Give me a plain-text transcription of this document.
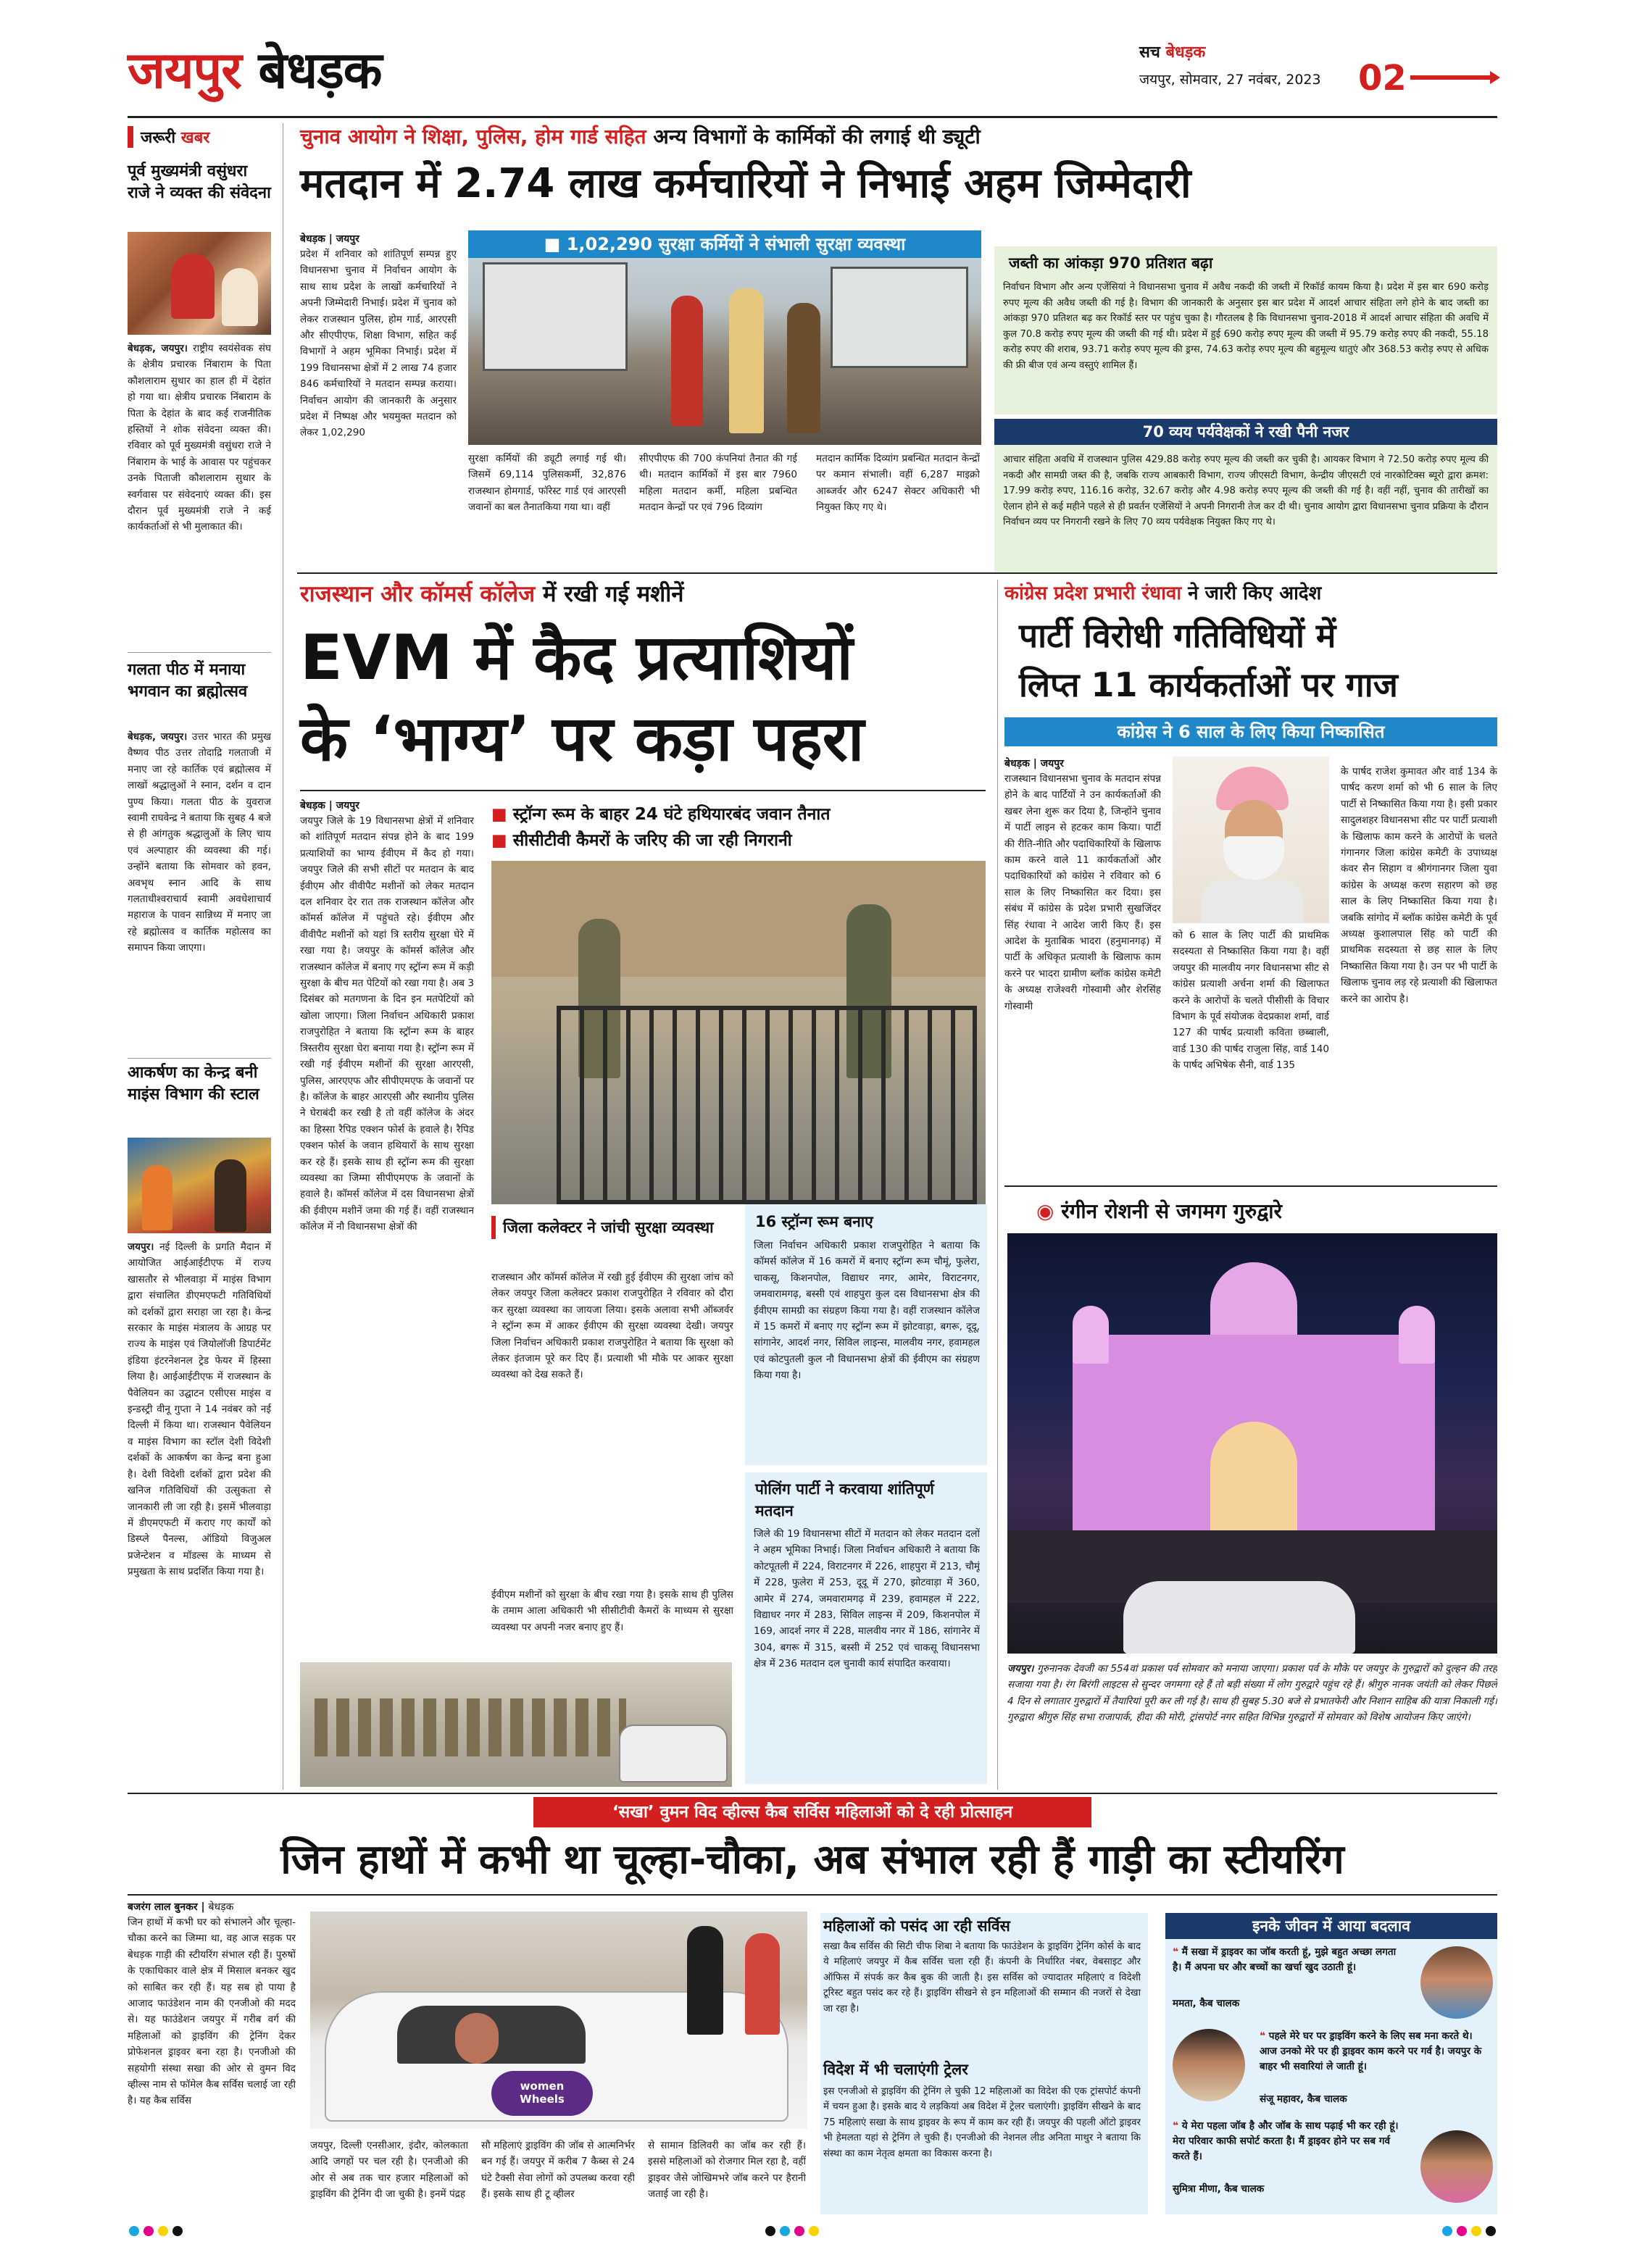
जयपुर बेधड़क	सच बेधड़क
जयपुर, सोमवार, 27 नवंबर, 2023 02
जरूरी खबर
पूर्व मुख्यमंत्री वसुंधरा राजे ने व्यक्त की संवेदना
बेधड़क, जयपुर। राष्ट्रीय स्वयंसेवक संघ के क्षेत्रीय प्रचारक निंबाराम के पिता कौशलाराम सुथार का हाल ही में देहांत हो गया था। क्षेत्रीय प्रचारक निंबाराम के पिता के देहांत के बाद कई राजनीतिक हस्तियों ने शोक संवेदना व्यक्त की। रविवार को पूर्व मुख्यमंत्री वसुंधरा राजे ने निंबाराम के भाई के आवास पर पहुंचकर उनके पिताजी कौशलाराम सुथार के स्वर्गवास पर संवेदनाएं व्यक्त कीं। इस दौरान पूर्व मुख्यमंत्री राजे ने कई कार्यकर्ताओं से भी मुलाकात की।
गलता पीठ में मनाया भगवान का ब्रह्मोत्सव
बेधड़क, जयपुर। उत्तर भारत की प्रमुख वैष्णव पीठ उत्तर तोदाद्रि गलताजी में मनाए जा रहे कार्तिक एवं ब्रह्मोत्सव में लाखों श्रद्धालुओं ने स्नान, दर्शन व दान पुण्य किया। गलता पीठ के युवराज स्वामी राघवेन्द्र ने बताया कि सुबह 4 बजे से ही आंगतुक श्रद्धालुओं के लिए चाय एवं अल्पाहार की व्यवस्था की गई। उन्होंने बताया कि सोमवार को हवन, अवभृथ स्नान आदि के साथ गलताधीश्वराचार्य स्वामी अवधेशाचार्य महाराज के पावन सान्निध्य में मनाए जा रहे ब्रह्मोत्सव व कार्तिक महोत्सव का समापन किया जाएगा।
आकर्षण का केन्द्र बनी माइंस विभाग की स्टाल
जयपुर। नई दिल्ली के प्रगति मैदान में आयोजित आईआईटीएफ में राज्य खासतौर से भीलवाड़ा में माइंस विभाग द्वारा संचालित डीएमएफटी गतिविधियों को दर्शकों द्वारा सराहा जा रहा है। केन्द्र सरकार के माइंस मंत्रालय के आग्रह पर राज्य के माइंस एवं जियोलॉजी डिपार्टमेंट इंडिया इंटरनेशनल ट्रेड फेयर में हिस्सा लिया है। आईआईटीएफ में राजस्थान के पैवेलियन का उद्घाटन एसीएस माइंस व इन्डस्ट्री वीनू गुप्ता ने 14 नवंबर को नई दिल्ली में किया था। राजस्थान पैवेलियन व माइंस विभाग का स्टॉल देशी विदेशी दर्शकों के आकर्षण का केन्द्र बना हुआ है। देशी विदेशी दर्शकों द्वारा प्रदेश की खनिज गतिविधियों की उत्सुकता से जानकारी ली जा रही है। इसमें भीलवाड़ा में डीएमएफटी में कराए गए कार्यों को डिस्प्ले पैनल्स, ऑडियो विजुअल प्रजेन्टेशन व मॉडल्स के माध्यम से प्रमुखता के साथ प्रदर्शित किया गया है।
चुनाव आयोग ने शिक्षा, पुलिस, होम गार्ड सहित अन्य विभागों के कार्मिकों की लगाई थी ड्यूटी
मतदान में 2.74 लाख कर्मचारियों ने निभाई अहम जिम्मेदारी
बेधड़क | जयपुर
प्रदेश में शनिवार को शांतिपूर्ण सम्पन्न हुए विधानसभा चुनाव में निर्वाचन आयोग के साथ साथ प्रदेश के लाखों कर्मचारियों ने अपनी जिम्मेदारी निभाई। प्रदेश में चुनाव को लेकर राजस्थान पुलिस, होम गार्ड, आरएसी और सीएपीएफ, शिक्षा विभाग, सहित कई विभागों ने अहम भूमिका निभाई। प्रदेश में 199 विधानसभा क्षेत्रों में 2 लाख 74 हजार 846 कर्मचारियों ने मतदान सम्पन्न कराया। निर्वाचन आयोग की जानकारी के अनुसार प्रदेश में निष्पक्ष और भयमुक्त मतदान को लेकर 1,02,290
■ 1,02,290 सुरक्षा कर्मियों ने संभाली सुरक्षा व्यवस्था
सुरक्षा कर्मियों की ड्यूटी लगाई गई थी। जिसमें 69,114 पुलिसकर्मी, 32,876 राजस्थान होमगार्ड, फॉरेस्ट गार्ड एवं आरएसी जवानों का बल तैनातकिया गया था। वहीं
सीएपीएफ की 700 कंपनियां तैनात की गई थी। मतदान कार्मिकों में इस बार 7960 महिला मतदान कर्मी, महिला प्रबन्धित मतदान केन्द्रों पर एवं 796 दिव्यांग
मतदान कार्मिक दिव्यांग प्रबन्धित मतदान केन्द्रों पर कमान संभाली। वहीं 6,287 माइक्रो आब्जर्वर और 6247 सेक्टर अधिकारी भी नियुक्त किए गए थे।
जब्ती का आंकड़ा 970 प्रतिशत बढ़ा
निर्वाचन विभाग और अन्य एजेंसियां ने विधानसभा चुनाव में अवैध नकदी की जब्ती में रिकॉर्ड कायम किया है। प्रदेश में इस बार 690 करोड़ रुपए मूल्य की अवैध जब्ती की गई है। विभाग की जानकारी के अनुसार इस बार प्रदेश में आदर्श आचार संहिता लगे होने के बाद जब्ती का आंकड़ा 970 प्रतिशत बढ़ कर रिकॉर्ड स्तर पर पहुंच चुका है। गौरतलब है कि विधानसभा चुनाव-2018 में आदर्श आचार संहिता की अवधि में कुल 70.8 करोड़ रुपए मूल्य की जब्ती की गई थी। प्रदेश में हुई 690 करोड़ रुपए मूल्य की जब्ती में 95.79 करोड़ रुपए की नकदी, 55.18 करोड़ रुपए की शराब, 93.71 करोड़ रुपए मूल्य की ड्रग्स, 74.63 करोड़ रुपए मूल्य की बहुमूल्य धातुएं और 368.53 करोड़ रुपए से अधिक की फ्री बीज एवं अन्य वस्तुएं शामिल हैं।
70 व्यय पर्यवेक्षकों ने रखी पैनी नजर
आचार संहिता अवधि में राजस्थान पुलिस 429.88 करोड़ रुपए मूल्य की जब्ती कर चुकी है। आयकर विभाग ने 72.50 करोड़ रुपए मूल्य की नकदी और सामग्री जब्त की है, जबकि राज्य आबकारी विभाग, राज्य जीएसटी विभाग, केन्द्रीय जीएसटी एवं नारकोटिक्स ब्यूरो द्वारा क्रमश: 17.99 करोड़ रुपए, 116.16 करोड़, 32.67 करोड़ और 4.98 करोड़ रुपए मूल्य की जब्ती की गई है। वहीं नहीं, चुनाव की तारीखों का ऐलान होने से कई महीने पहले से ही प्रवर्तन एजेंसियों ने अपनी निगरानी तेज कर दी थी। चुनाव आयोग द्वारा विधानसभा चुनाव प्रक्रिया के दौरान निर्वाचन व्यय पर निगरानी रखने के लिए 70 व्यय पर्यवेक्षक नियुक्त किए गए थे।
राजस्थान और कॉमर्स कॉलेज में रखी गई मशीनें
EVM में कैद प्रत्याशियों
के ‘भाग्य’ पर कड़ा पहरा
बेधड़क | जयपुर
जयपुर जिले के 19 विधानसभा क्षेत्रों में शनिवार को शांतिपूर्ण मतदान संपन्न होने के बाद 199 प्रत्याशियों का भाग्य ईवीएम में कैद हो गया। जयपुर जिले की सभी सीटों पर मतदान के बाद ईवीएम और वीवीपैट मशीनों को लेकर मतदान दल शनिवार देर रात तक राजस्थान कॉलेज और कॉमर्स कॉलेज में पहुंचते रहे। ईवीएम और वीवीपैट मशीनों को यहां त्रि स्तरीय सुरक्षा घेरे में रखा गया है। जयपुर के कॉमर्स कॉलेज और राजस्थान कॉलेज में बनाए गए स्ट्रॉन्ग रूम में कड़ी सुरक्षा के बीच मत पेटियों को रखा गया है। अब 3 दिसंबर को मतगणना के दिन इन मतपेटियों को खोला जाएगा। जिला निर्वाचन अधिकारी प्रकाश राजपुरोहित ने बताया कि स्ट्रॉन्ग रूम के बाहर त्रिस्तरीय सुरक्षा घेरा बनाया गया है। स्ट्रॉन्ग रूम में रखी गई ईवीएम मशीनों की सुरक्षा आरएसी, पुलिस, आरएएफ और सीपीएमएफ के जवानों पर है। कॉलेज के बाहर आरएसी और स्थानीय पुलिस ने घेराबंदी कर रखी है तो वहीं कॉलेज के अंदर का हिस्सा रैपिड एक्शन फोर्स के हवाले है। रैपिड एक्शन फोर्स के जवान हथियारों के साथ सुरक्षा कर रहे हैं। इसके साथ ही स्ट्रॉन्ग रूम की सुरक्षा व्यवस्था का जिम्मा सीपीएमएफ के जवानों के हवाले है। कॉमर्स कॉलेज में दस विधानसभा क्षेत्रों की ईवीएम मशीनें जमा की गई हैं। वहीं राजस्थान कॉलेज में नौ विधानसभा क्षेत्रों की
■ स्ट्रॉन्ग रूम के बाहर 24 घंटे हथियारबंद जवान तैनात
■ सीसीटीवी कैमरों के जरिए की जा रही निगरानी
जिला कलेक्टर ने जांची सुरक्षा व्यवस्था
राजस्थान और कॉमर्स कॉलेज में रखी हुई ईवीएम की सुरक्षा जांच को लेकर जयपुर जिला कलेक्टर प्रकाश राजपुरोहित ने रविवार को दौरा कर सुरक्षा व्यवस्था का जायजा लिया। इसके अलावा सभी ऑब्जर्वर ने स्ट्रॉन्ग रूम में आकर ईवीएम की सुरक्षा व्यवस्था देखी। जयपुर जिला निर्वाचन अधिकारी प्रकाश राजपुरोहित ने बताया कि सुरक्षा को लेकर इंतजाम पूरे कर दिए हैं। प्रत्याशी भी मौके पर आकर सुरक्षा व्यवस्था को देख सकते हैं।
ईवीएम मशीनों को सुरक्षा के बीच रखा गया है। इसके साथ ही पुलिस के तमाम आला अधिकारी भी सीसीटीवी कैमरों के माध्यम से सुरक्षा व्यवस्था पर अपनी नजर बनाए हुए हैं।
16 स्ट्रॉन्ग रूम बनाए
जिला निर्वाचन अधिकारी प्रकाश राजपुरोहित ने बताया कि कॉमर्स कॉलेज में 16 कमरों में बनाए स्ट्रॉन्ग रूम चौमूं, फुलेरा, चाकसू, किशनपोल, विद्याधर नगर, आमेर, विराटनगर, जमवारामगढ़, बस्सी एवं शाहपुरा कुल दस विधानसभा क्षेत्र की ईवीएम सामग्री का संग्रहण किया गया है। वहीं राजस्थान कॉलेज में 15 कमरों में बनाए गए स्ट्रॉन्ग रूम में झोटवाड़ा, बगरू, दूदू, सांगानेर, आदर्श नगर, सिविल लाइन्स, मालवीय नगर, हवामहल एवं कोटपुतली कुल नौ विधानसभा क्षेत्रों की ईवीएम का संग्रहण किया गया है।
पोलिंग पार्टी ने करवाया शांतिपूर्ण मतदान
जिले की 19 विधानसभा सीटों में मतदान को लेकर मतदान दलों ने अहम भूमिका निभाई। जिला निर्वाचन अधिकारी ने बताया कि कोटपूतली में 224, विराटनगर में 226, शाहपुरा में 213, चौमूं में 228, फुलेरा में 253, दूदू में 270, झोटवाड़ा में 360, आमेर में 274, जमवारामगढ़ में 239, हवामहल में 222, विद्याधर नगर में 283, सिविल लाइन्स में 209, किशनपोल में 169, आदर्श नगर में 228, मालवीय नगर में 186, सांगानेर में 304, बगरू में 315, बस्सी में 252 एवं चाकसू विधानसभा क्षेत्र में 236 मतदान दल चुनावी कार्य संपादित करवाया।
कांग्रेस प्रदेश प्रभारी रंधावा ने जारी किए आदेश
पार्टी विरोधी गतिविधियों में
लिप्त 11 कार्यकर्ताओं पर गाज
कांग्रेस ने 6 साल के लिए किया निष्कासित
बेधड़क | जयपुर
राजस्थान विधानसभा चुनाव के मतदान संपन्न होने के बाद पार्टियों ने उन कार्यकर्ताओं की खबर लेना शुरू कर दिया है, जिन्होंने चुनाव में पार्टी लाइन से हटकर काम किया। पार्टी की रीति-नीति और पदाधिकारियों के खिलाफ काम करने वाले 11 कार्यकर्ताओं और पदाधिकारियों को कांग्रेस ने रविवार को 6 साल के लिए निष्कासित कर दिया। इस संबंध में कांग्रेस के प्रदेश प्रभारी सुखजिंदर सिंह रंधावा ने आदेश जारी किए हैं। इस आदेश के मुताबिक भादरा (हनुमानगढ़) में पार्टी के अधिकृत प्रत्याशी के खिलाफ काम करने पर भादरा ग्रामीण ब्लॉक कांग्रेस कमेटी के अध्यक्ष राजेश्वरी गोस्वामी और शेरसिंह गोस्वामी
को 6 साल के लिए पार्टी की प्राथमिक सदस्यता से निष्कासित किया गया है। वहीं जयपुर की मालवीय नगर विधानसभा सीट से कांग्रेस प्रत्याशी अर्चना शर्मा की खिलाफत करने के आरोपों के चलते पीसीसी के विचार विभाग के पूर्व संयोजक वेदप्रकाश शर्मा, वार्ड 127 की पार्षद प्रत्याशी कविता छब्बाली, वार्ड 130 की पार्षद राजुला सिंह, वार्ड 140 के पार्षद अभिषेक सैनी, वार्ड 135
के पार्षद राजेश कुमावत और वार्ड 134 के पार्षद करण शर्मा को भी 6 साल के लिए पार्टी से निष्कासित किया गया है। इसी प्रकार सादुलशहर विधानसभा सीट पर पार्टी प्रत्याशी के खिलाफ काम करने के आरोपों के चलते गंगानगर जिला कांग्रेस कमेटी के उपाध्यक्ष कंवर सैन सिहाग व श्रीगंगानगर जिला युवा कांग्रेस के अध्यक्ष करण सहारण को छह साल के लिए निष्कासित किया गया है। जबकि सांगोद में ब्लॉक कांग्रेस कमेटी के पूर्व अध्यक्ष कुशालपाल सिंह को पार्टी की प्राथमिक सदस्यता से छह साल के लिए निष्कासित किया गया है। उन पर भी पार्टी के खिलाफ चुनाव लड़ रहे प्रत्याशी की खिलाफत करने का आरोप है।
◉ रंगीन रोशनी से जगमग गुरुद्वारे
जयपुर। गुरुनानक देवजी का 554वां प्रकाश पर्व सोमवार को मनाया जाएगा। प्रकाश पर्व के मौके पर जयपुर के गुरुद्वारों को दुल्हन की तरह सजाया गया है। रंग बिरंगी लाइटस से सुन्दर जगमगा रहे हैं तो बड़ी संख्या में लोग गुरुद्वारे पहुंच रहे हैं। श्रीगुरु नानक जयंती को लेकर पिछले 4 दिन से लगातार गुरुद्वारों में तैयारियां पूरी कर ली गई है। साथ ही सुबह 5.30 बजे से प्रभातफेरी और निशान साहिब की यात्रा निकाली गई। गुरुद्वारा श्रीगुरु सिंह सभा राजापार्क, हीदा की मोरी, ट्रांसपोर्ट नगर सहित विभिन्न गुरुद्वारों में सोमवार को विशेष आयोजन किए जाएंगे।
‘सखा’ वुमन विद व्हील्स कैब सर्विस महिलाओं को दे रही प्रोत्साहन
जिन हाथों में कभी था चूल्हा-चौका, अब संभाल रही हैं गाड़ी का स्टीयरिंग
बजरंग लाल बुनकर | बेधड़क
जिन हाथों में कभी घर को संभालने और चूल्हा-चौका करने का जिम्मा था, वह आज सड़क पर बेधड़क गाड़ी की स्टीयरिंग संभाल रही हैं। पुरुषों के एकाधिकार वाले क्षेत्र में मिसाल बनकर खुद को साबित कर रही हैं। यह सब हो पाया है आजाद फाउंडेशन नाम की एनजीओ की मदद से। यह फाउंडेशन जयपुर में गरीब वर्ग की महिलाओं को ड्राइविंग की ट्रेनिंग देकर प्रोफेशनल ड्राइवर बना रहा है। एनजीओ की सहयोगी संस्था सखा की ओर से वुमन विद व्हील्स नाम से फॉमेल कैब सर्विस चलाई जा रही है। यह कैब सर्विस
women
Wheels
जयपुर, दिल्ली एनसीआर, इंदौर, कोलकाता आदि जगहों पर चल रही है। एनजीओ की ओर से अब तक चार हजार महिलाओं को ड्राइविंग की ट्रेनिंग दी जा चुकी है। इनमें पंद्रह
सौ महिलाएं ड्राइविंग की जॉब से आत्मनिर्भर बन गई हैं। जयपुर में करीब 7 कैब्स से 24 घंटे टैक्सी सेवा लोगों को उपलब्ध करवा रही हैं। इसके साथ ही टू व्हीलर
से सामान डिलिवरी का जॉब कर रही हैं। इससे महिलाओं को रोजगार मिल रहा है, वहीं ड्राइवर जैसे जोखिमभरे जॉब करने पर हैरानी जताई जा रही है।
महिलाओं को पसंद आ रही सर्विस
सखा कैब सर्विस की सिटी चीफ शिबा ने बताया कि फाउंडेशन के ड्राइविंग ट्रेनिंग कोर्स के बाद ये महिलाएं जयपुर में कैब सर्विस चला रही हैं। कंपनी के निर्धारित नंबर, वेबसाइट और ऑफिस में संपर्क कर कैब बुक की जाती है। इस सर्विस को ज्यादातर महिलाएं व विदेशी टूरिस्ट बहुत पसंद कर रहे हैं। ड्राइविंग सीखने से इन महिलाओं की सम्मान की नजरों से देखा जा रहा है।
विदेश में भी चलाएंगी ट्रेलर
इस एनजीओ से ड्राइविंग की ट्रेनिंग ले चुकी 12 महिलाओं का विदेश की एक ट्रांसपोर्ट कंपनी में चयन हुआ है। इसके बाद ये लड़कियां अब विदेश में ट्रेलर चलाएंगी। ड्राइविंग सीखने के बाद 75 महिलाएं सखा के साथ ड्राइवर के रूप में काम कर रही हैं। जयपुर की पहली ऑटो ड्राइवर भी हेमलता यहां से ट्रेनिंग ले चुकी हैं। एनजीओ की नेशनल लीड अनिता माथुर ने बताया कि संस्था का काम नेतृत्व क्षमता का विकास करना है।
इनके जीवन में आया बदलाव
❝ मैं सखा में ड्राइवर का जॉब करती हूं, मुझे बहुत अच्छा लगता है। मैं अपना घर और बच्चों का खर्चा खुद उठाती हूं।
ममता, कैब चालक
❝ पहले मेरे घर पर ड्राइविंग करने के लिए सब मना करते थे। आज उनको मेरे पर ही ड्राइवर काम करने पर गर्व है। जयपुर के बाहर भी सवारियां ले जाती हूं।
संजू महावर, कैब चालक
❝ ये मेरा पहला जॉब है और जॉब के साथ पढ़ाई भी कर रही हूं। मेरा परिवार काफी सपोर्ट करता है। मैं ड्राइवर होने पर सब गर्व करते हैं।
सुमित्रा मीणा, कैब चालक
